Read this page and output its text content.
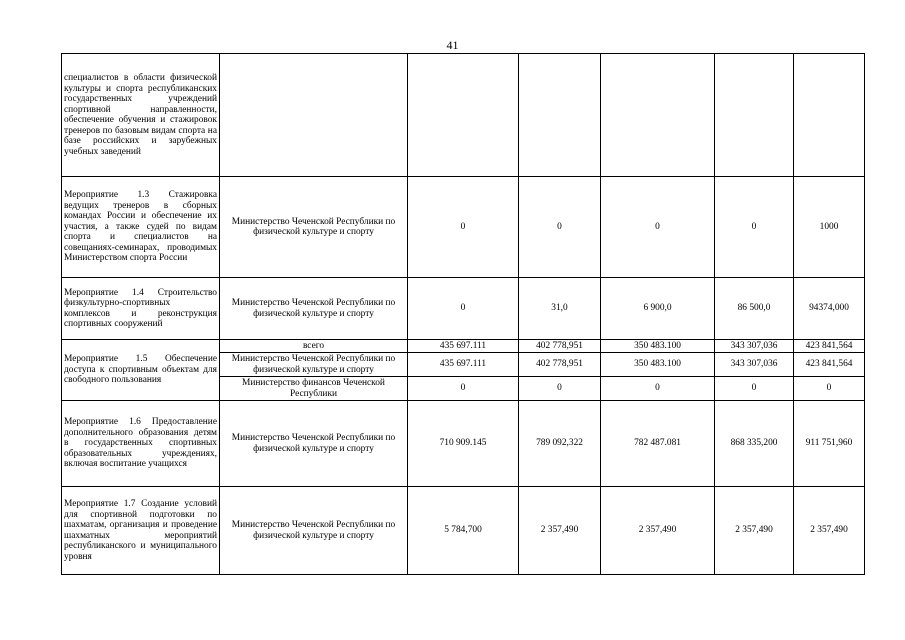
41
специалистов в области физической культуры и спорта республиканских государственных учреждений спортивной направленности, обеспечение обучения и стажировок тренеров по базовым видам спорта на базе российских и зарубежных учебных заведений						
Мероприятие 1.3 Стажировка ведущих тренеров в сборных командах России и обеспечение их участия, а также судей по видам спорта и специалистов на совещаниях-семинарах, проводимых Министерством спорта России	Министерство Чеченской Республики по физической культуре и спорту	0	0	0	0	1000
Мероприятие 1.4 Строительство физкультурно-спортивных комплексов и реконструкция спортивных сооружений	Министерство Чеченской Республики по физической культуре и спорту	0	31,0	6 900,0	86 500,0	94374,000
Мероприятие 1.5 Обеспечение доступа к спортивным объектам для свободного пользования	всего	435 697.111	402 778,951	350 483.100	343 307,036	423 841,564
	Министерство Чеченской Республики по физической культуре и спорту	435 697.111	402 778,951	350 483.100	343 307,036	423 841,564
	Министерство финансов Чеченской Республики	0	0	0	0	0
Мероприятие 1.6 Предоставление дополнительного образования детям в государственных спортивных образовательных учреждениях, включая воспитание учащихся	Министерство Чеченской Республики по физической культуре и спорту	710 909.145	789 092,322	782 487.081	868 335,200	911 751,960
Мероприятие 1.7 Создание условий для спортивной подготовки по шахматам, организация и проведение шахматных мероприятий республиканского и муниципального уровня	Министерство Чеченской Республики по физической культуре и спорту	5 784,700	2 357,490	2 357,490	2 357,490	2 357,490
